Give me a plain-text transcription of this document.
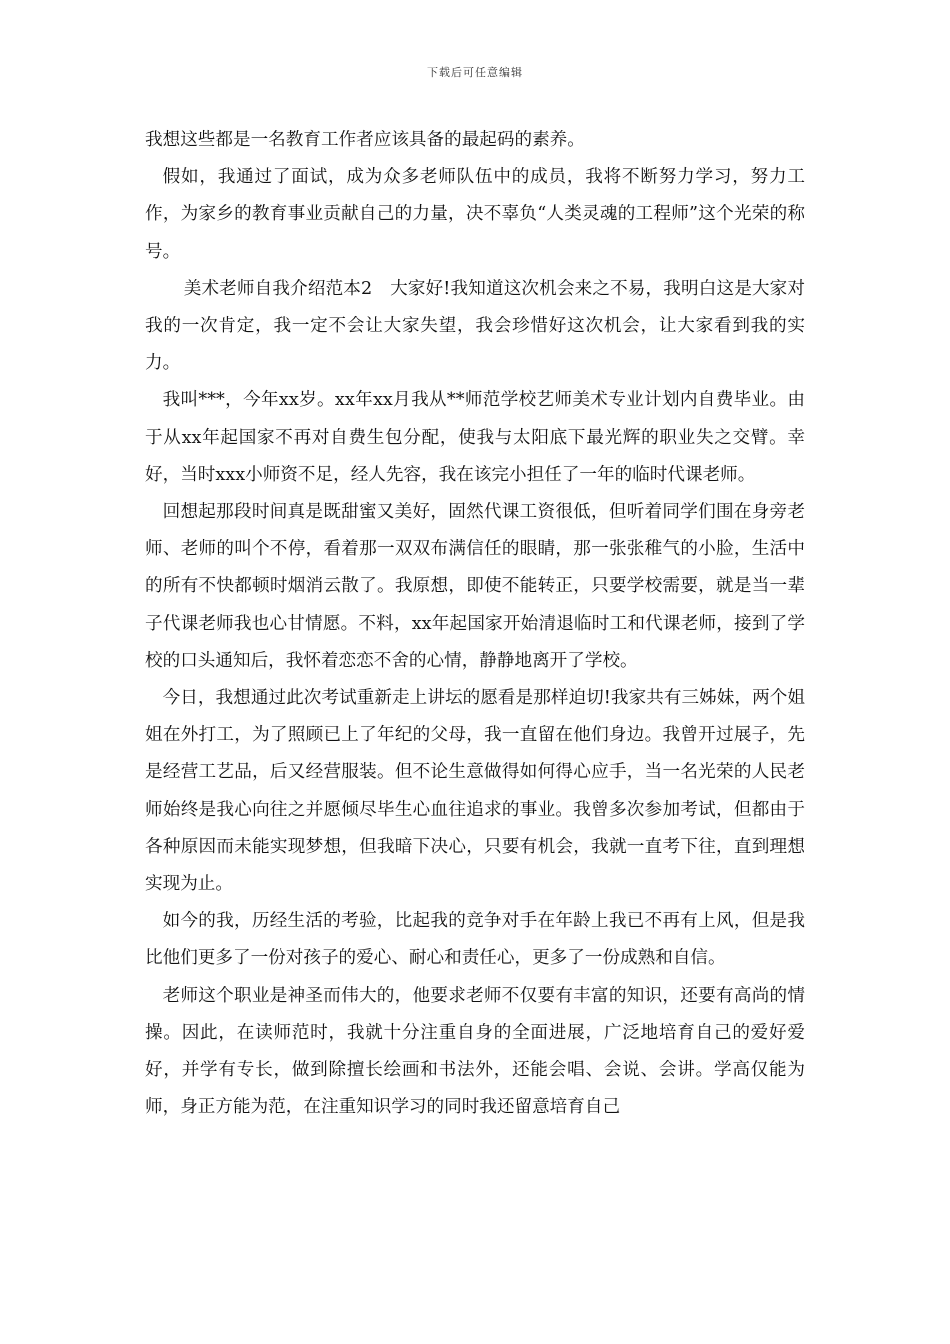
下载后可任意编辑

我想这些都是一名教育工作者应该具备的最起码的素养。

假如，我通过了面试，成为众多老师队伍中的成员，我将不断努力学习，努力工作，为家乡的教育事业贡献自己的力量，决不辜负“人类灵魂的工程师”这个光荣的称号。

美术老师自我介绍范本2　大家好!我知道这次机会来之不易，我明白这是大家对我的一次肯定，我一定不会让大家失望，我会珍惜好这次机会，让大家看到我的实力。

我叫***，今年xx岁。xx年xx月我从**师范学校艺师美术专业计划内自费毕业。由于从xx年起国家不再对自费生包分配，使我与太阳底下最光辉的职业失之交臂。幸好，当时xxx小师资不足，经人先容，我在该完小担任了一年的临时代课老师。

回想起那段时间真是既甜蜜又美好，固然代课工资很低，但听着同学们围在身旁老师、老师的叫个不停，看着那一双双布满信任的眼睛，那一张张稚气的小脸，生活中的所有不快都顿时烟消云散了。我原想，即使不能转正，只要学校需要，就是当一辈子代课老师我也心甘情愿。不料，xx年起国家开始清退临时工和代课老师，接到了学校的口头通知后，我怀着恋恋不舍的心情，静静地离开了学校。

今日，我想通过此次考试重新走上讲坛的愿看是那样迫切!我家共有三姊妹，两个姐姐在外打工，为了照顾已上了年纪的父母，我一直留在他们身边。我曾开过展子，先是经营工艺品，后又经营服装。但不论生意做得如何得心应手，当一名光荣的人民老师始终是我心向往之并愿倾尽毕生心血往追求的事业。我曾多次参加考试，但都由于各种原因而未能实现梦想，但我暗下决心，只要有机会，我就一直考下往，直到理想实现为止。

如今的我，历经生活的考验，比起我的竞争对手在年龄上我已不再有上风，但是我比他们更多了一份对孩子的爱心、耐心和责任心，更多了一份成熟和自信。

老师这个职业是神圣而伟大的，他要求老师不仅要有丰富的知识，还要有高尚的情操。因此，在读师范时，我就十分注重自身的全面进展，广泛地培育自己的爱好爱好，并学有专长，做到除擅长绘画和书法外，还能会唱、会说、会讲。学高仅能为师，身正方能为范，在注重知识学习的同时我还留意培育自己
